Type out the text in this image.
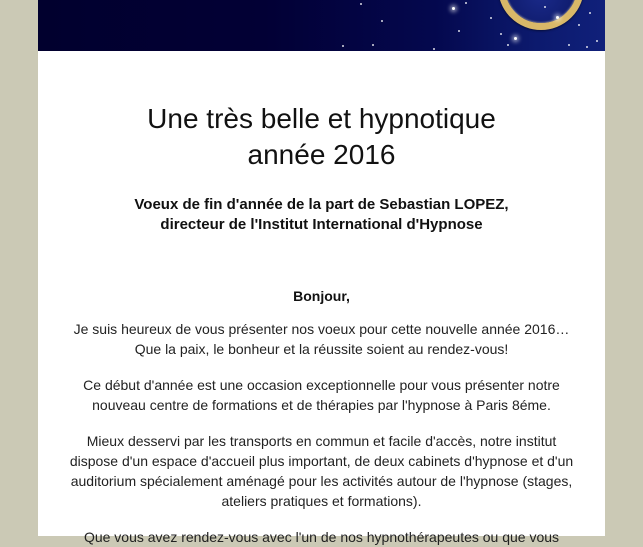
Une très belle et hypnotique
année 2016

Voeux de fin d'année de la part de Sebastian LOPEZ,
directeur de l'Institut International d'Hypnose

Bonjour,

Je suis heureux de vous présenter nos voeux pour cette nouvelle année 2016… Que la paix, le bonheur et la réussite soient au rendez-vous!

Ce début d'année est une occasion exceptionnelle pour vous présenter notre nouveau centre de formations et de thérapies par l'hypnose à Paris 8éme.

Mieux desservi par les transports en commun et facile d'accès, notre institut dispose d'un espace d'accueil plus important, de deux cabinets d'hypnose et d'un auditorium spécialement aménagé pour les activités autour de l'hypnose (stages, ateliers pratiques et formations).

Que vous avez rendez-vous avec l'un de nos hypnothérapeutes ou que vous
